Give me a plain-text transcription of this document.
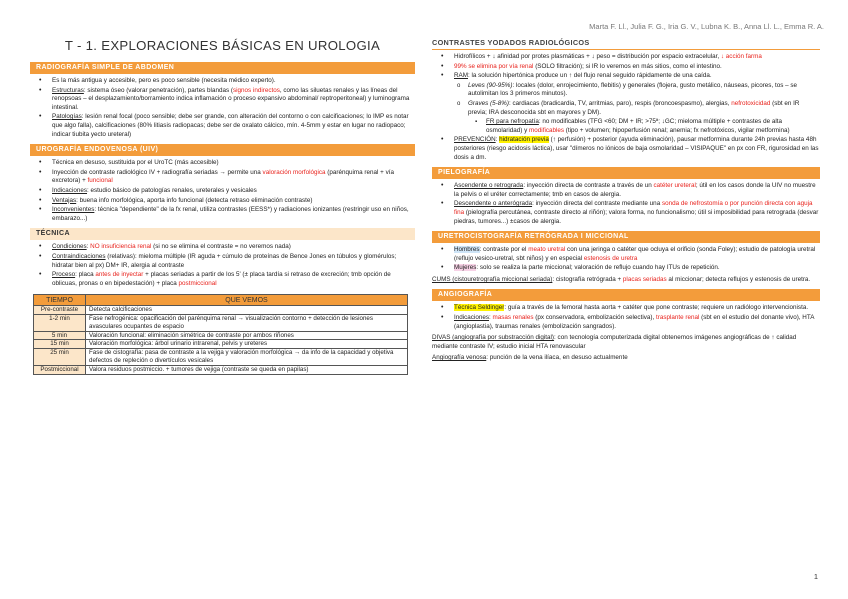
Marta F. Ll., Julia F. G., Iria G. V., Lubna K. B., Anna Ll. L., Emma R. A.
T - 1. EXPLORACIONES BÁSICAS EN UROLOGIA
RADIOGRAFÍA SIMPLE DE ABDOMEN
• Es la más antigua y accesible, pero es poco sensible (necesita médico experto).
• Estructuras: sistema óseo (valorar penetración), partes blandas (signos indirectos, como las siluetas renales y las líneas del renopsoas – el desplazamiento/borramiento indica inflamación o proceso expansivo abdominal/ reptroperitoneal) y luminograma intestinal.
• Patologías: lesión renal focal (poco sensible; debe ser grande, con alteración del contorno o con calcificaciones; lo IMP es notar que algo falla), calcificaciones (80% litiasis radiopacas; debe ser de oxalato cálcico, mín. 4-5mm y estar en lugar no radiopaco; indicar tiubita yecto ureteral)
UROGRAFÍA ENDOVENOSA (UIV)
• Técnica en desuso, sustituida por el UroTC (más accesible)
• Inyección de contraste radiológico IV + radiografía seriadas → permite una valoración morfológica (parénquima renal + vía excretora) + funcional
• Indicaciones: estudio básico de patologías renales, ureterales y vesicales
• Ventajas: buena info morfológica, aporta info funcional (detecta retraso eliminación contraste)
• Inconvenientes: técnica "dependiente" de la fx renal, utiliza contrastes (EESS*) y radiaciones ionizantes (restringir uso en niños, embarazo...)
TÉCNICA
• Condiciones: NO insuficiencia renal (si no se elimina el contraste = no veremos nada)
• Contraindicaciones (relativas): mieloma múltiple (IR aguda + cúmulo de proteínas de Bence Jones en túbulos y glomérulos; hidratar bien al px) DM+ IR, alergia al contraste
• Proceso: placa antes de inyectar + placas seriadas a partir de los 5' (± placa tardía si retraso de excreción; tmb opción de oblicuas, pronas o en bipedestación) + placa postmiccional
TIEMPO	QUE VEMOS
Pre-contraste	Detecta calcificaciones
1-2 min	Fase nefrogénica: opacificación del parénquima renal → visualización contorno + detección de lesiones avasculares ocupantes de espacio
5 min	Valoración funcional: eliminación simétrica de contraste por ambos riñones
15 min	Valoración morfológica: árbol urinario intrarenal, pelvis y ureteres
25 min	Fase de cistografía: pasa de contraste a la vejiga y valoración morfológica → da info de la capacidad y objetiva defectos de repleción o divertículos vesicales
Postmiccional	Valora residuos postmiccio. + tumores de vejiga (contraste se queda en papilas)
CONTRASTES YODADOS RADIOLÓGICOS
• Hidrofílicos + ↓ afinidad por protes plasmáticas + ↓ peso = distribución por espacio extracelular, ↓ acción farma
• 99% se elimina por vía renal (SOLO filtración); si IR lo veremos en más sitios, como el intestino.
• RAM: la solución hipertónica produce un ↑ del flujo renal seguido rápidamente de una caída.
o Leves (90-95%): locales (dolor, enrojecimiento, flebitis) y generales (flojera, gusto metálico, náuseas, picores, tos – se autolimitan los 3 primeros minutos).
o Graves (5-8%): cardiacas (bradicardia, TV, arritmias, paro), respis (broncoespasmo), alergias, nefrotoxicidad (sbt en IR previa; IRA desconocida sbt en mayores y DM).
▪ FR para nefropatía: no modificables (TFG <60; DM + IR; >75ª; ↓GC; mieloma múltiple + contrastes de alta osmolaridad) y modificables (tipo + volumen; hipoperfusión renal; anemia; fx nefrotóxicos, vigilar metformina)
• PREVENCIÓN: hidratación previa (↑ perfusión) + posterior (ayuda eliminación), pausar metformina durante 24h previas hasta 48h posteriores (riesgo acidosis láctica), usar "dímeros no iónicos de baja osmolaridad – VISIPAQUE" en px con FR, rigurosidad en las dosis a dm.
PIELOGRAFÍA
• Ascendente o retrograda: inyección directa de contraste a través de un catéter ureteral; útil en los casos donde la UIV no muestre la pelvis o el uréter correctamente; tmb en casos de alergia.
• Descendente o anterógrada: inyección directa del contraste mediante una sonda de nefrostomía o por punción directa con aguja fina (pielografía percutánea, contraste directo al riñón); valora forma, no funcionalismo; útil si imposibilidad para retrograda (desvar piedras, tumores...) ±casos de alergia.
URETROCISTOGRAFÍA RETRÓGRADA I MICCIONAL
• Hombres: contraste por el meato uretral con una jeringa o catéter que ocluya el orificio (sonda Foley); estudio de patología uretral (reflujo vesico-uretral, sbt niños) y en especial estenosis de uretra
• Mujeres: solo se realiza la parte miccional; valoración de reflujo cuando hay ITUs de repetición.

CUMS (cistouretrografía miccional seriada): cistografía retrógrada + placas seriadas al miccionar; detecta reflujos y estenosis de uretra.

ANGIOGRAFÍA
• Técnica Seldinger: guía a través de la femoral hasta aorta + catéter que pone contraste; requiere un radiólogo intervencionista.
• Indicaciones: masas renales (px conservadora, embolización selectiva), trasplante renal (sbt en el estudio del donante vivo), HTA (angioplastia), traumas renales (embolización sangrados).

DIVAS (angiografía por substracción digital): con tecnología computerizada digital obtenemos imágenes angiográficas de ↑ calidad mediante contraste IV; estudio inicial HTA renovascular

Angiografía venosa: punción de la vena ilíaca, en desuso actualmente

1
